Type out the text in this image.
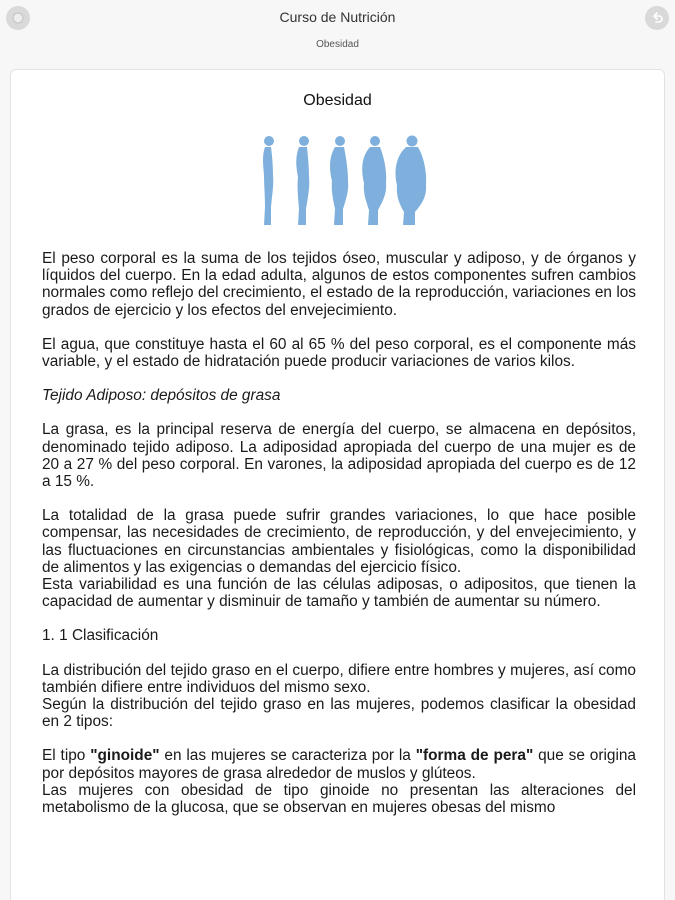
Curso de Nutrición
Obesidad
Obesidad

El peso corporal es la suma de los tejidos óseo, muscular y adiposo, y de órganos y líquidos del cuerpo. En la edad adulta, algunos de estos componentes sufren cambios normales como reflejo del crecimiento, el estado de la reproducción, variaciones en los grados de ejercicio y los efectos del envejecimiento.

El agua, que constituye hasta el 60 al 65 % del peso corporal, es el componente más variable, y el estado de hidratación puede producir variaciones de varios kilos.

Tejido Adiposo: depósitos de grasa

La grasa, es la principal reserva de energía del cuerpo, se almacena en depósitos, denominado tejido adiposo. La adiposidad apropiada del cuerpo de una mujer es de 20 a 27 % del peso corporal. En varones, la adiposidad apropiada del cuerpo es de 12 a 15 %.

La totalidad de la grasa puede sufrir grandes variaciones, lo que hace posible compensar, las necesidades de crecimiento, de reproducción, y del envejecimiento, y las fluctuaciones en circunstancias ambientales y fisiológicas, como la disponibilidad de alimentos y las exigencias o demandas del ejercicio físico.

Esta variabilidad es una función de las células adiposas, o adipositos, que tienen la capacidad de aumentar y disminuir de tamaño y también de aumentar su número.

1. 1 Clasificación

La distribución del tejido graso en el cuerpo, difiere entre hombres y mujeres, así como también difiere entre individuos del mismo sexo.

Según la distribución del tejido graso en las mujeres, podemos clasificar la obesidad en 2 tipos:

El tipo "ginoide" en las mujeres se caracteriza por la "forma de pera" que se origina por depósitos mayores de grasa alrededor de muslos y glúteos.

Las mujeres con obesidad de tipo ginoide no presentan las alteraciones del metabolismo de la glucosa, que se observan en mujeres obesas del mismo
